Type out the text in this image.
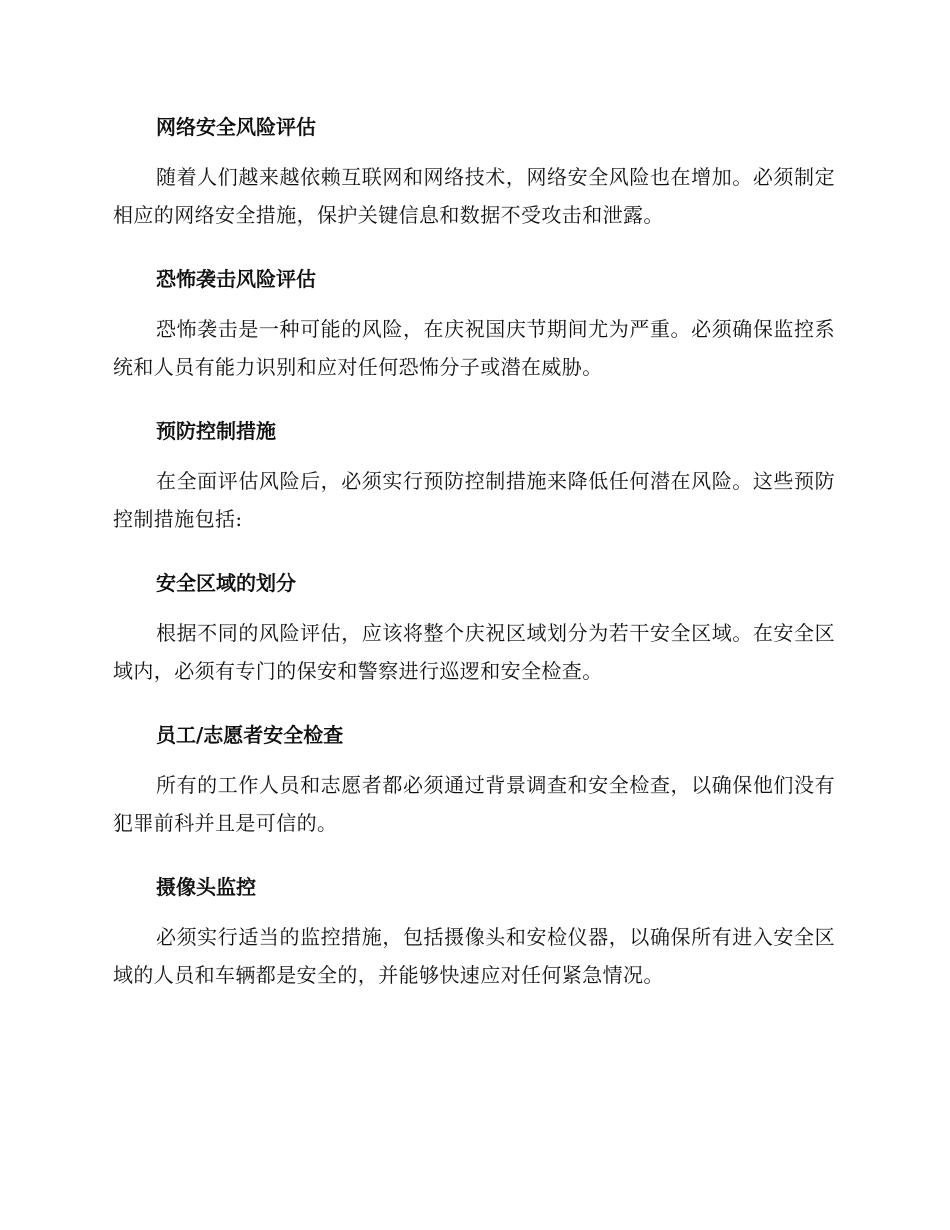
网络安全风险评估

随着人们越来越依赖互联网和网络技术，网络安全风险也在增加。必须制定相应的网络安全措施，保护关键信息和数据不受攻击和泄露。

恐怖袭击风险评估

恐怖袭击是一种可能的风险，在庆祝国庆节期间尤为严重。必须确保监控系统和人员有能力识别和应对任何恐怖分子或潜在威胁。

预防控制措施

在全面评估风险后，必须实行预防控制措施来降低任何潜在风险。这些预防控制措施包括:

安全区域的划分

根据不同的风险评估，应该将整个庆祝区域划分为若干安全区域。在安全区域内，必须有专门的保安和警察进行巡逻和安全检查。

员工/志愿者安全检查

所有的工作人员和志愿者都必须通过背景调查和安全检查，以确保他们没有犯罪前科并且是可信的。

摄像头监控

必须实行适当的监控措施，包括摄像头和安检仪器，以确保所有进入安全区域的人员和车辆都是安全的，并能够快速应对任何紧急情况。
